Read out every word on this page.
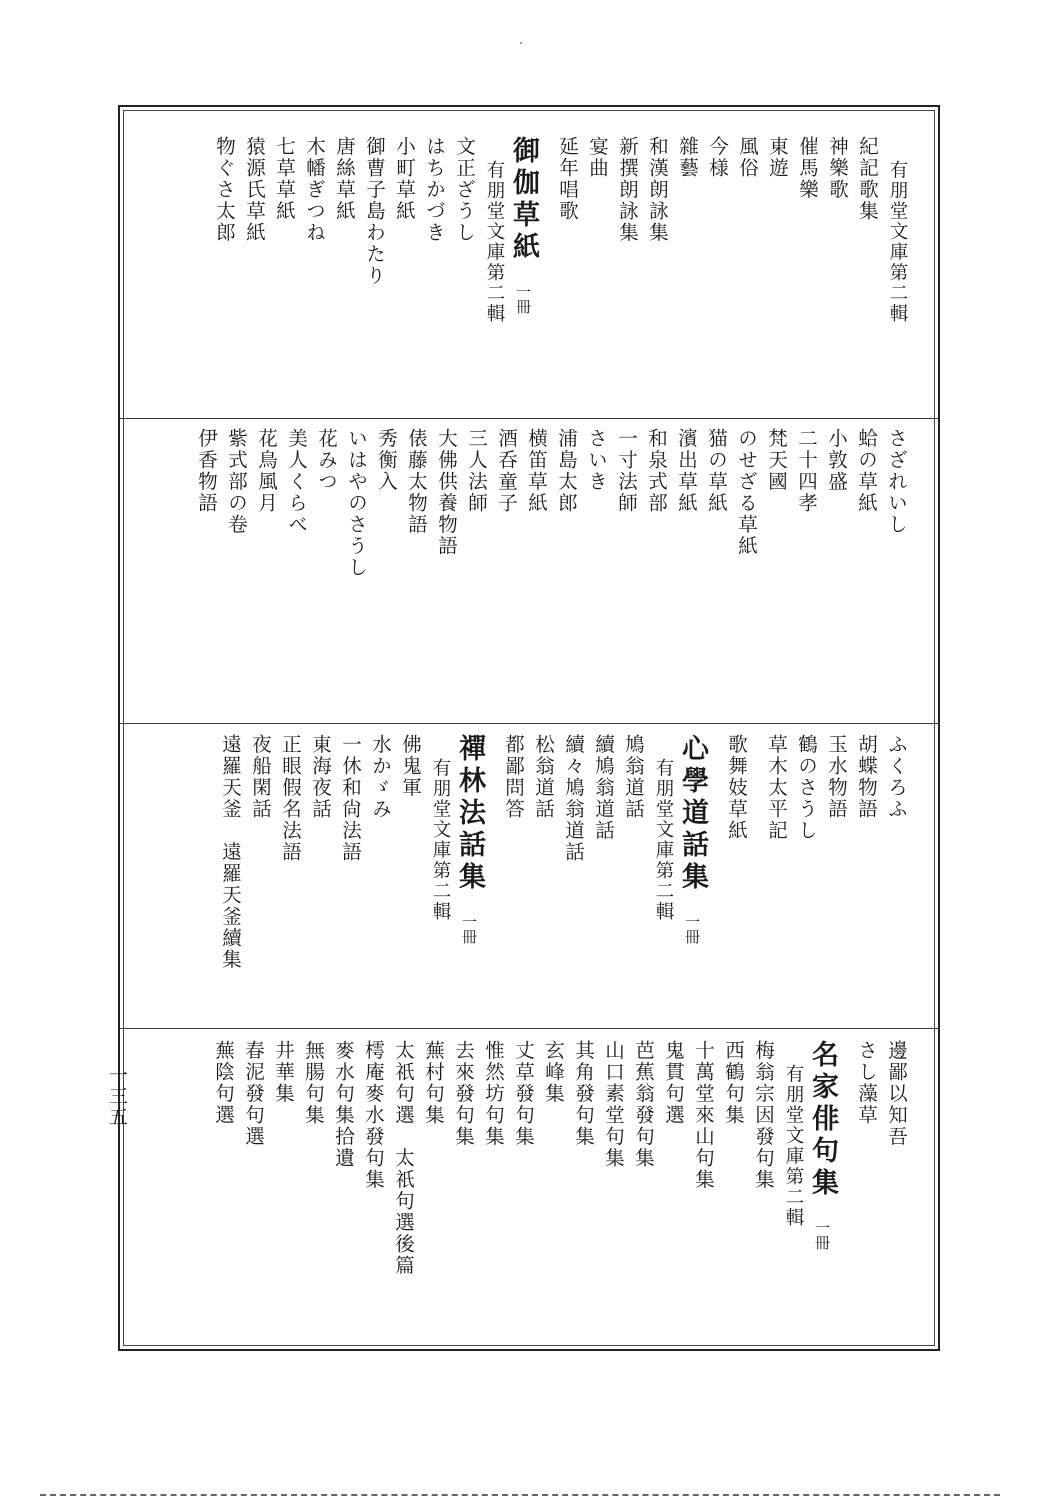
有朋堂文庫第二輯
紀記歌集
神樂歌
催馬樂
東遊
風俗
今様
雜藝
和漢朗詠集
新撰朗詠集
宴曲
延年唱歌
御伽草紙一冊
有朋堂文庫第二輯
文正ざうし
はちかづき
小町草紙
御曹子島わたり
唐絲草紙
木幡ぎつね
七草草紙
猿源氏草紙
物ぐさ太郎
さざれいし
蛤の草紙
小敦盛
二十四孝
梵天國
のせざる草紙
猫の草紙
濱出草紙
和泉式部
一寸法師
さいき
浦島太郎
横笛草紙
酒呑童子
三人法師
大佛供養物語
俵藤太物語
秀衡入
いはやのさうし
花みつ
美人くらべ
花鳥風月
紫式部の卷
伊香物語
ふくろふ
胡蝶物語
玉水物語
鶴のさうし
草木太平記
歌舞妓草紙
心學道話集一冊
有朋堂文庫第二輯
鳩翁道話
續鳩翁道話
續々鳩翁道話
松翁道話
都鄙問答
禪林法話集一冊
有朋堂文庫第二輯
佛鬼軍
水かゞみ
一休和尙法語
東海夜話
正眼假名法語
夜船閑話
遠羅天釜　遠羅天釜續集
邊鄙以知吾
さし藻草
名家俳句集一冊
有朋堂文庫第二輯
梅翁宗因發句集
西鶴句集
十萬堂來山句集
鬼貫句選
芭蕉翁發句集
山口素堂句集
其角發句集
玄峰集
丈草發句集
惟然坊句集
去來發句集
蕪村句集
太祇句選　太祇句選後篇
樗庵麥水發句集
麥水句集拾遺
無腸句集
井華集
春泥發句選
蕪陰句選
一三五
